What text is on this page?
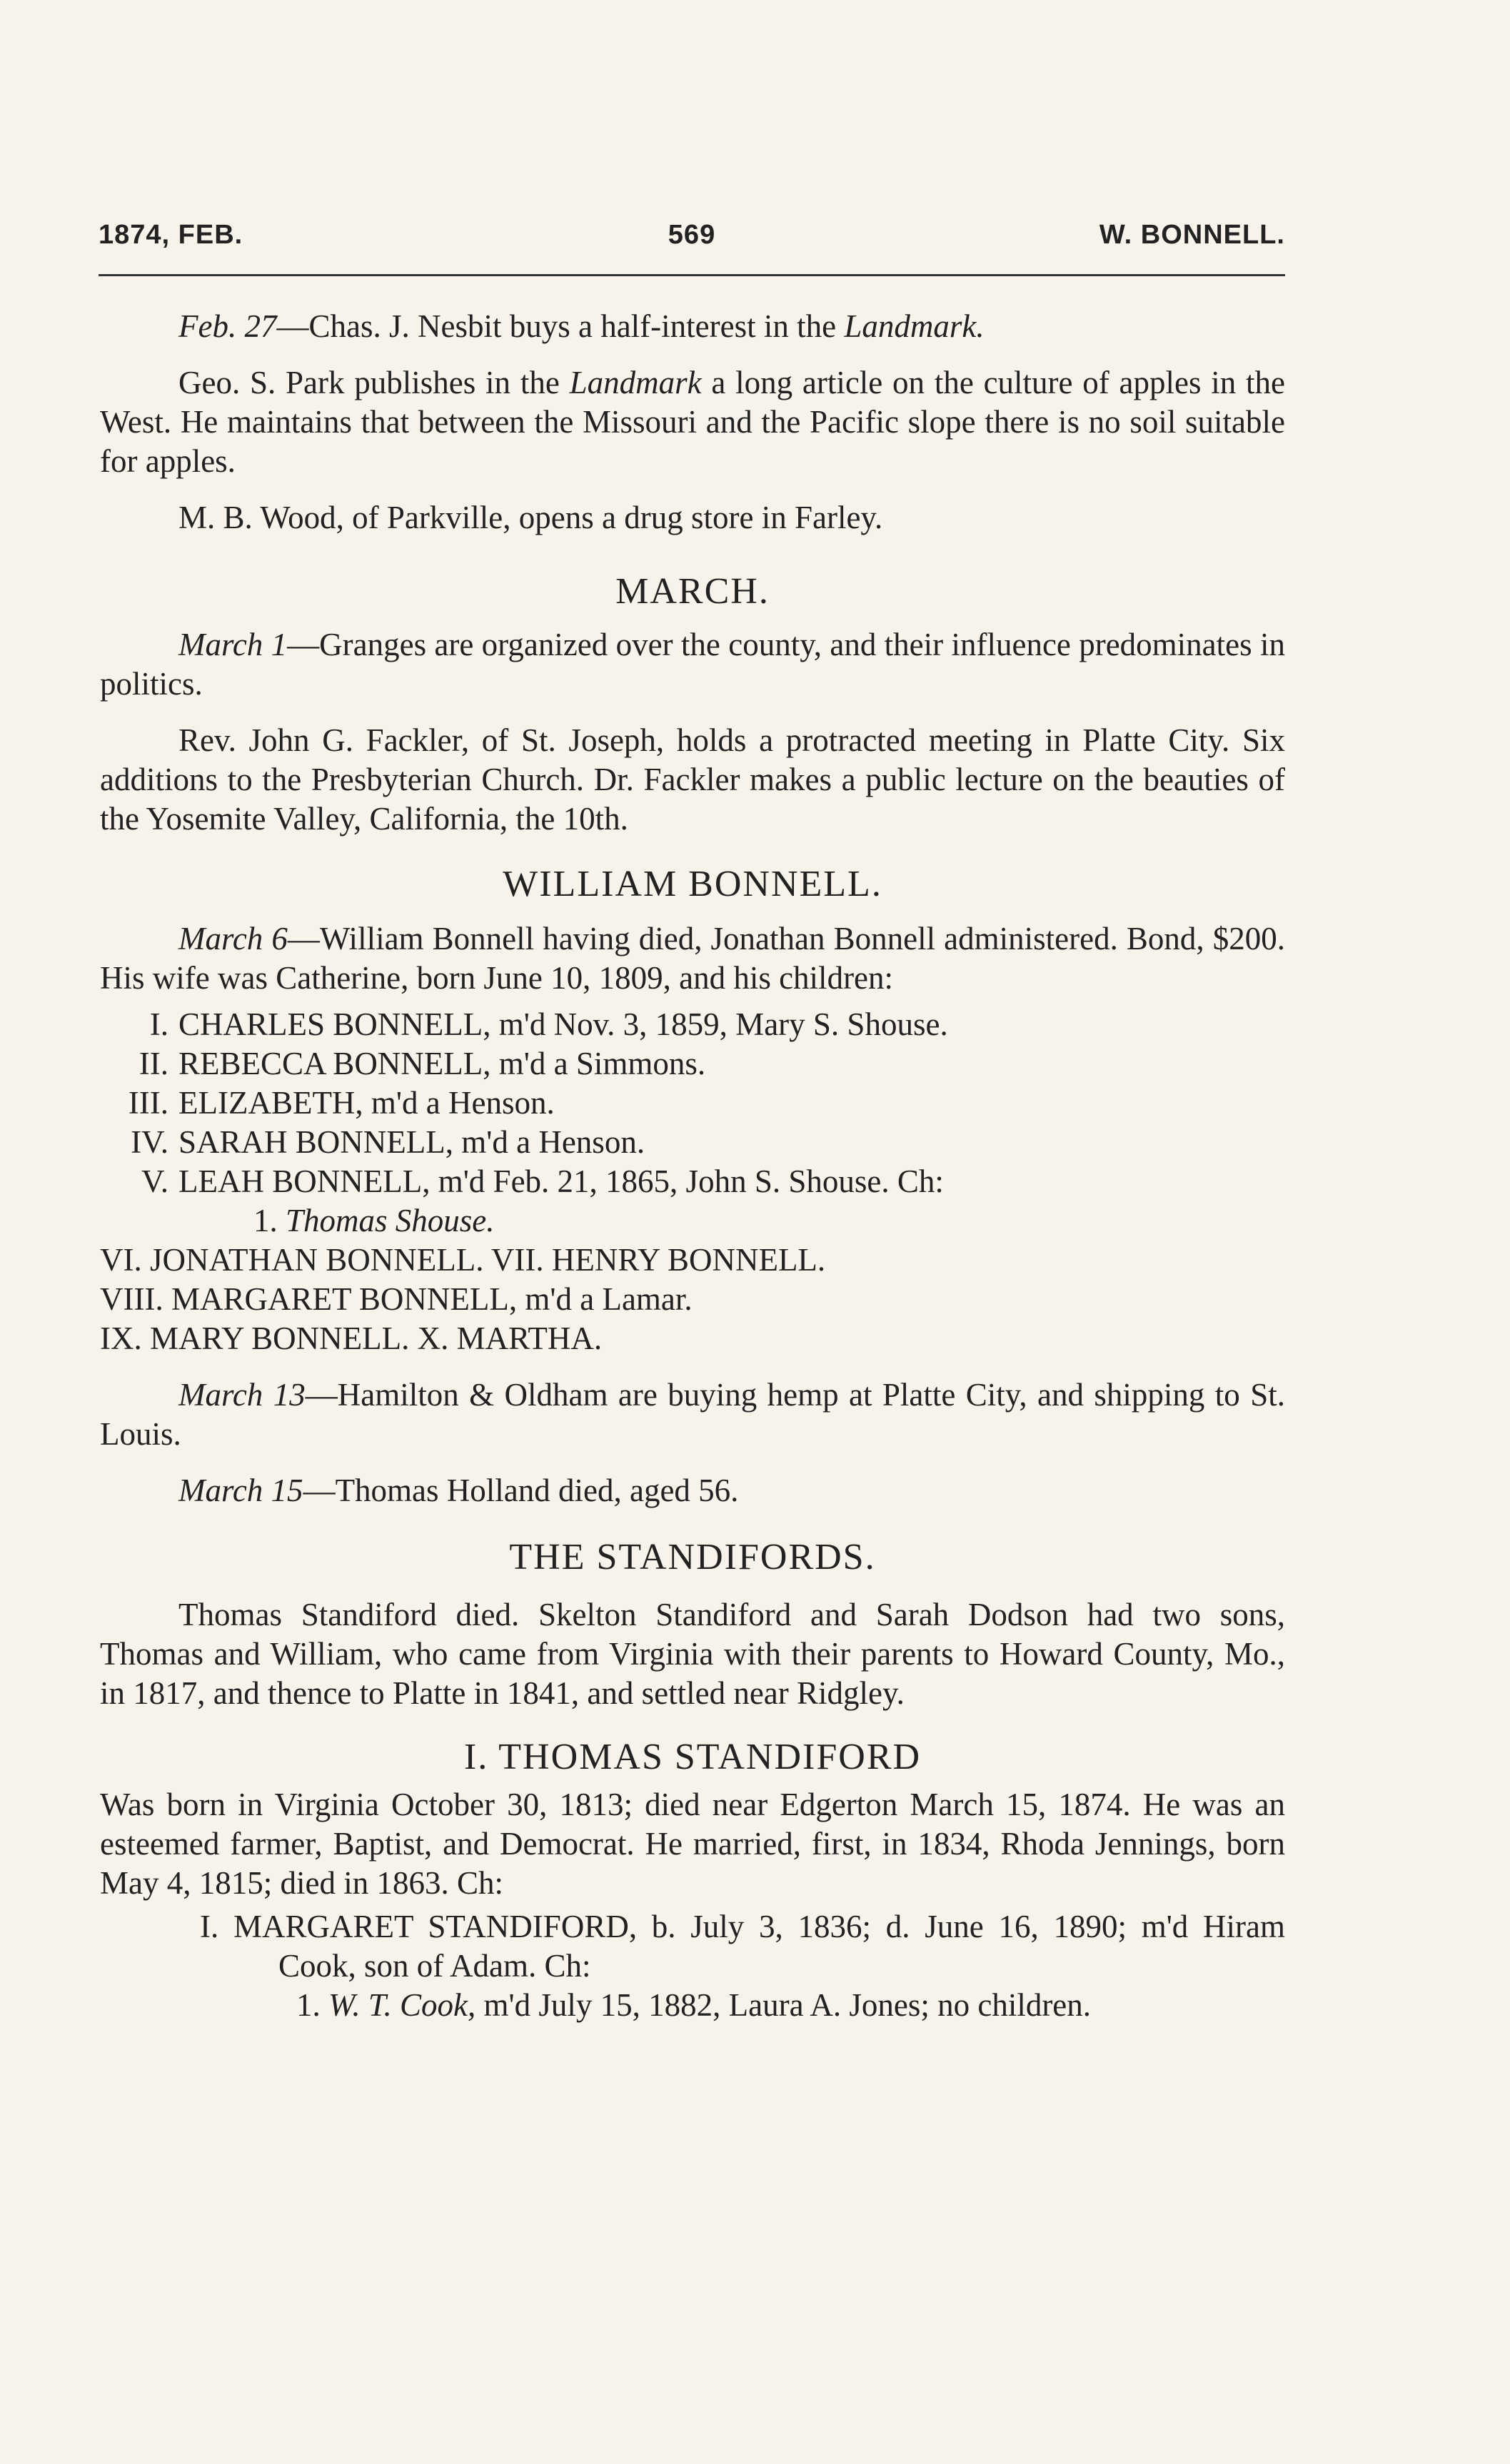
1874, FEB.	569	W. BONNELL.

Feb. 27—Chas. J. Nesbit buys a half-interest in the Landmark.

Geo. S. Park publishes in the Landmark a long article on the culture of apples in the West. He maintains that between the Missouri and the Pacific slope there is no soil suitable for apples.

M. B. Wood, of Parkville, opens a drug store in Farley.

MARCH.

March 1—Granges are organized over the county, and their influence predominates in politics.

Rev. John G. Fackler, of St. Joseph, holds a protracted meeting in Platte City. Six additions to the Presbyterian Church. Dr. Fackler makes a public lecture on the beauties of the Yosemite Valley, California, the 10th.

WILLIAM BONNELL.

March 6—William Bonnell having died, Jonathan Bonnell administered. Bond, $200. His wife was Catherine, born June 10, 1809, and his children:

I. CHARLES BONNELL, m'd Nov. 3, 1859, Mary S. Shouse.
II. REBECCA BONNELL, m'd a Simmons.
III. ELIZABETH, m'd a Henson.
IV. SARAH BONNELL, m'd a Henson.
V. LEAH BONNELL, m'd Feb. 21, 1865, John S. Shouse. Ch:
1. Thomas Shouse.
VI. JONATHAN BONNELL. VII. HENRY BONNELL.
VIII. MARGARET BONNELL, m'd a Lamar.
IX. MARY BONNELL. X. MARTHA.

March 13—Hamilton & Oldham are buying hemp at Platte City, and shipping to St. Louis.

March 15—Thomas Holland died, aged 56.

THE STANDIFORDS.

Thomas Standiford died. Skelton Standiford and Sarah Dodson had two sons, Thomas and William, who came from Virginia with their parents to Howard County, Mo., in 1817, and thence to Platte in 1841, and settled near Ridgley.

I. THOMAS STANDIFORD

Was born in Virginia October 30, 1813; died near Edgerton March 15, 1874. He was an esteemed farmer, Baptist, and Democrat. He married, first, in 1834, Rhoda Jennings, born May 4, 1815; died in 1863. Ch:

I. MARGARET STANDIFORD, b. July 3, 1836; d. June 16, 1890; m'd Hiram Cook, son of Adam. Ch:

1. W. T. Cook, m'd July 15, 1882, Laura A. Jones; no children.
